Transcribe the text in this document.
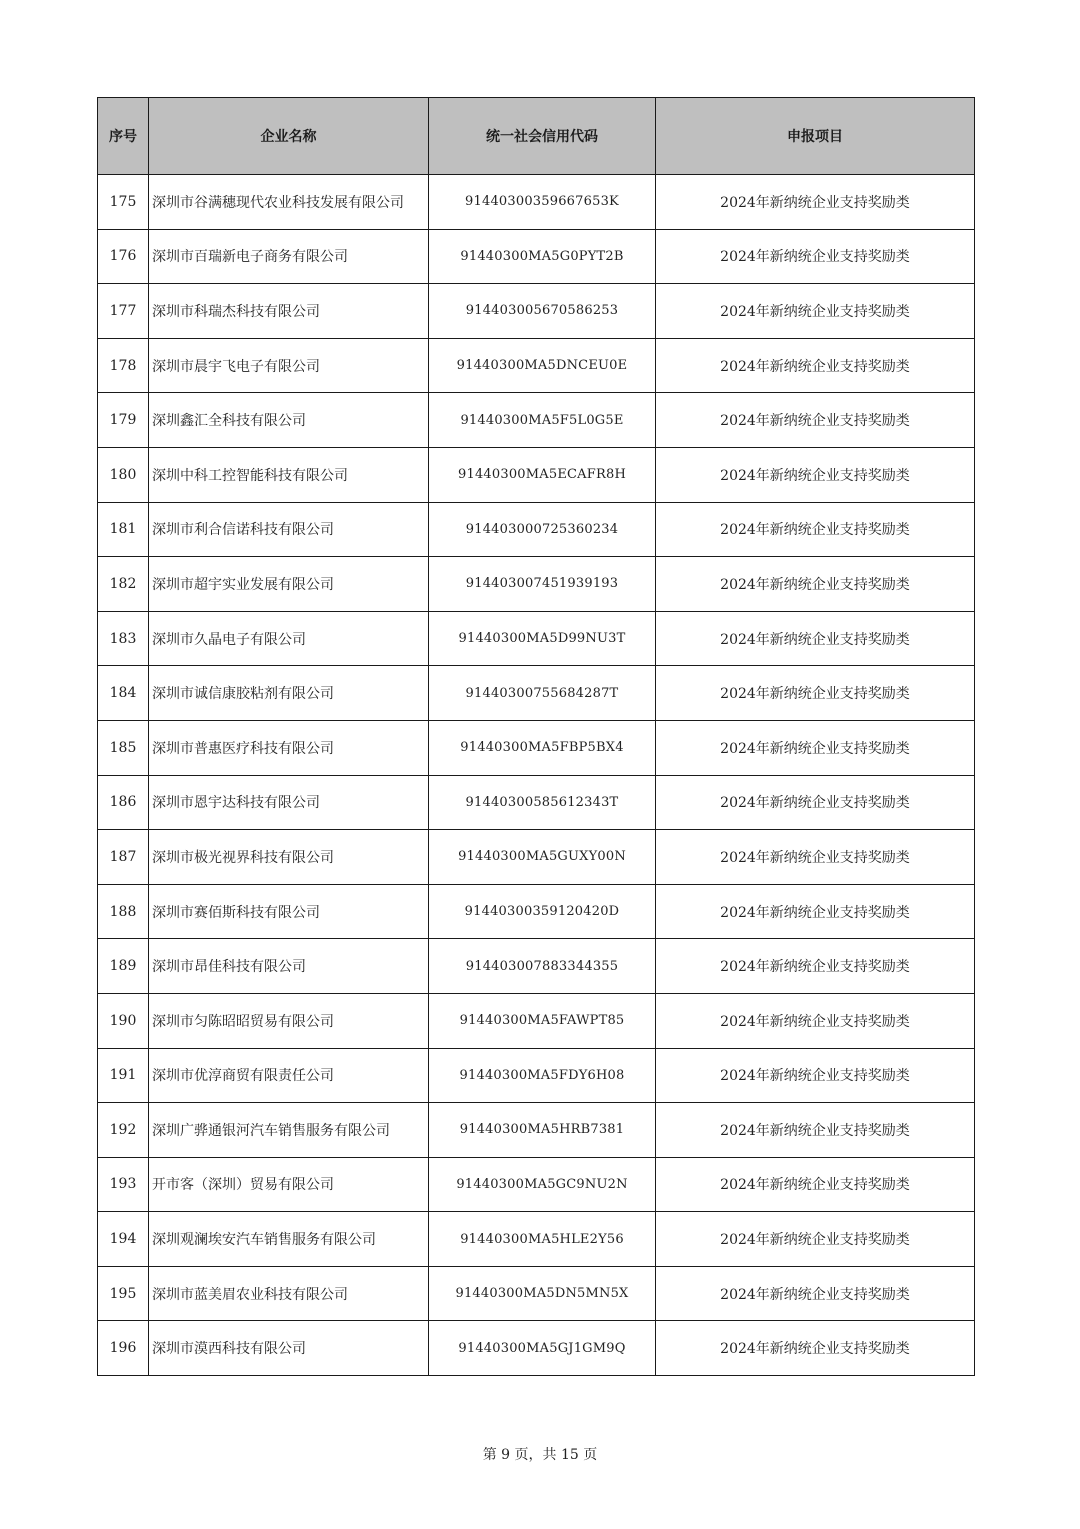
序号	企业名称	统一社会信用代码	申报项目
175	深圳市谷满穗现代农业科技发展有限公司	91440300359667653K	2024年新纳统企业支持奖励类
176	深圳市百瑞新电子商务有限公司	91440300MA5G0PYT2B	2024年新纳统企业支持奖励类
177	深圳市科瑞杰科技有限公司	914403005670586253	2024年新纳统企业支持奖励类
178	深圳市晨宇飞电子有限公司	91440300MA5DNCEU0E	2024年新纳统企业支持奖励类
179	深圳鑫汇全科技有限公司	91440300MA5F5L0G5E	2024年新纳统企业支持奖励类
180	深圳中科工控智能科技有限公司	91440300MA5ECAFR8H	2024年新纳统企业支持奖励类
181	深圳市利合信诺科技有限公司	914403000725360234	2024年新纳统企业支持奖励类
182	深圳市超宇实业发展有限公司	914403007451939193	2024年新纳统企业支持奖励类
183	深圳市久晶电子有限公司	91440300MA5D99NU3T	2024年新纳统企业支持奖励类
184	深圳市诚信康胶粘剂有限公司	91440300755684287T	2024年新纳统企业支持奖励类
185	深圳市普惠医疗科技有限公司	91440300MA5FBP5BX4	2024年新纳统企业支持奖励类
186	深圳市恩宇达科技有限公司	91440300585612343T	2024年新纳统企业支持奖励类
187	深圳市极光视界科技有限公司	91440300MA5GUXY00N	2024年新纳统企业支持奖励类
188	深圳市赛佰斯科技有限公司	91440300359120420D	2024年新纳统企业支持奖励类
189	深圳市昂佳科技有限公司	914403007883344355	2024年新纳统企业支持奖励类
190	深圳市匀陈昭昭贸易有限公司	91440300MA5FAWPT85	2024年新纳统企业支持奖励类
191	深圳市优淳商贸有限责任公司	91440300MA5FDY6H08	2024年新纳统企业支持奖励类
192	深圳广骅通银河汽车销售服务有限公司	91440300MA5HRB7381	2024年新纳统企业支持奖励类
193	开市客（深圳）贸易有限公司	91440300MA5GC9NU2N	2024年新纳统企业支持奖励类
194	深圳观澜埃安汽车销售服务有限公司	91440300MA5HLE2Y56	2024年新纳统企业支持奖励类
195	深圳市蓝美眉农业科技有限公司	91440300MA5DN5MN5X	2024年新纳统企业支持奖励类
196	深圳市漠西科技有限公司	91440300MA5GJ1GM9Q	2024年新纳统企业支持奖励类
第 9 页，共 15 页
